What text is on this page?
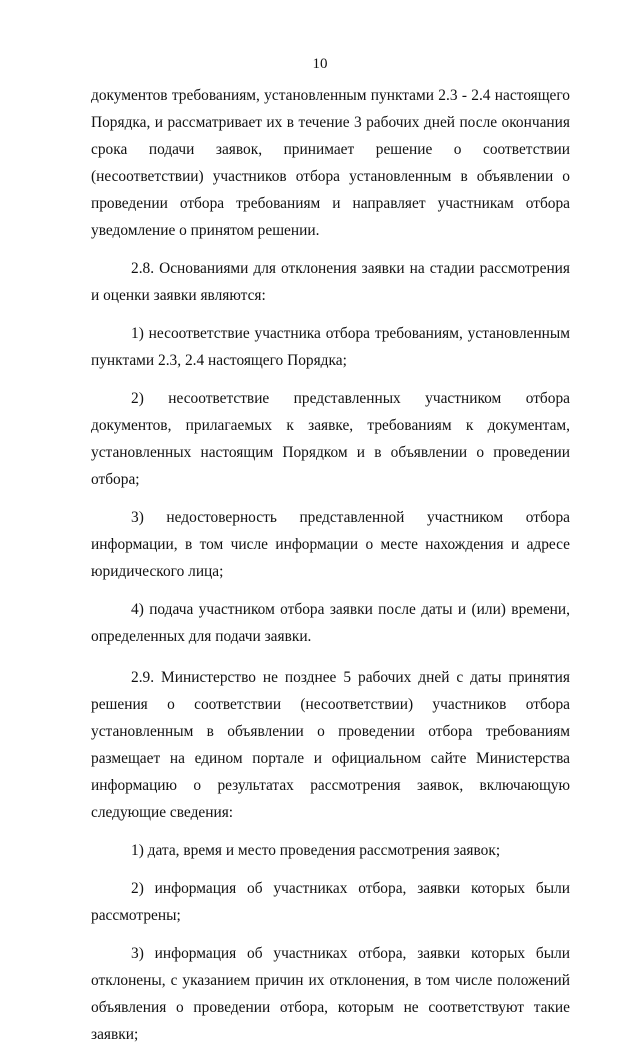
10

документов требованиям, установленным пунктами 2.3 - 2.4 настоящего Порядка, и рассматривает их в течение 3 рабочих дней после окончания срока подачи заявок, принимает решение о соответствии (несоответствии) участников отбора установленным в объявлении о проведении отбора требованиям и направляет участникам отбора уведомление о принятом решении.

2.8. Основаниями для отклонения заявки на стадии рассмотрения и оценки заявки являются:

1) несоответствие участника отбора требованиям, установленным пунктами 2.3, 2.4 настоящего Порядка;

2) несоответствие представленных участником отбора документов, прилагаемых к заявке, требованиям к документам, установленных настоящим Порядком и в объявлении о проведении отбора;

3) недостоверность представленной участником отбора информации, в том числе информации о месте нахождения и адресе юридического лица;

4) подача участником отбора заявки после даты и (или) времени, определенных для подачи заявки.

2.9. Министерство не позднее 5 рабочих дней с даты принятия

решения о соответствии (несоответствии) участников отбора

установленным в объявлении о проведении отбора требованиям размещает на едином портале и официальном сайте Министерства информацию о результатах рассмотрения заявок, включающую следующие сведения:

1) дата, время и место проведения рассмотрения заявок;

2) информация об участниках отбора, заявки которых были рассмотрены;

3) информация об участниках отбора, заявки которых были отклонены, с указанием причин их отклонения, в том числе положений объявления о проведении отбора, которым не соответствуют такие заявки;
